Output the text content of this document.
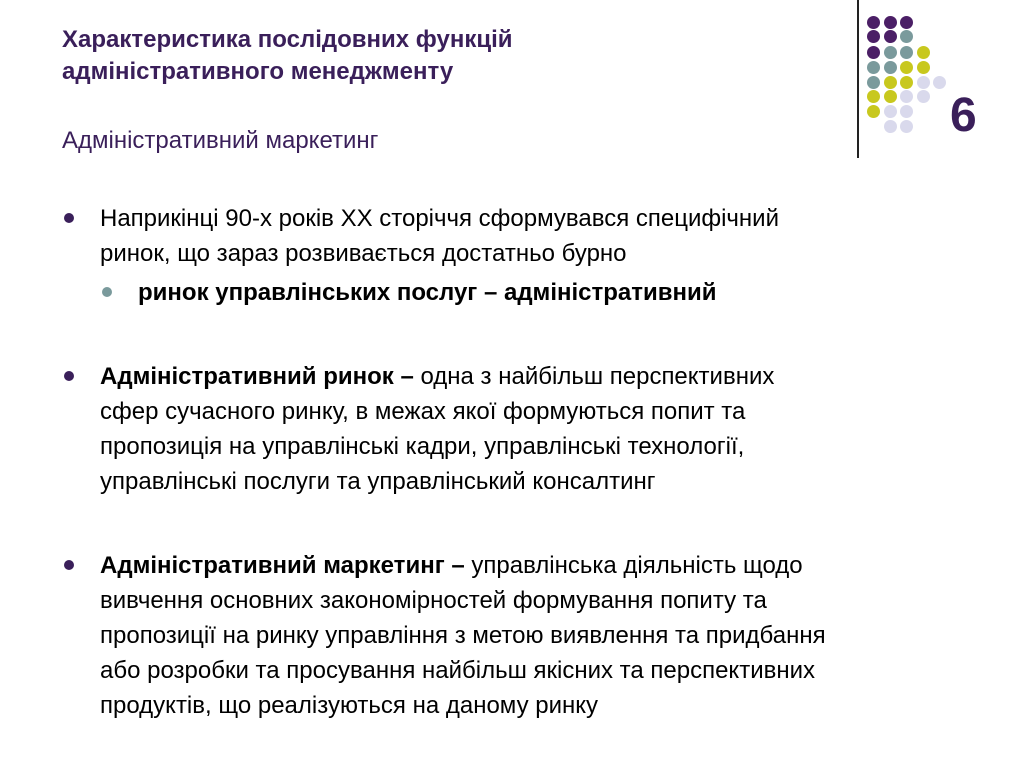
Характеристика послідовних функцій
адміністративного менеджменту
Адміністративний маркетинг	6
Наприкінці 90-х років XX сторіччя сформувався специфічний
ринок, що зараз розвивається достатньо бурно
ринок управлінських послуг – адміністративний
Адміністративний ринок – одна з найбільш перспективних
сфер сучасного ринку, в межах якої формуються попит та
пропозиція на управлінські кадри, управлінські технології,
управлінські послуги та управлінський консалтинг
Адміністративний маркетинг – управлінська діяльність щодо
вивчення основних закономірностей формування попиту та
пропозиції на ринку управління з метою виявлення та придбання
або розробки та просування найбільш якісних та перспективних
продуктів, що реалізуються на даному ринку
